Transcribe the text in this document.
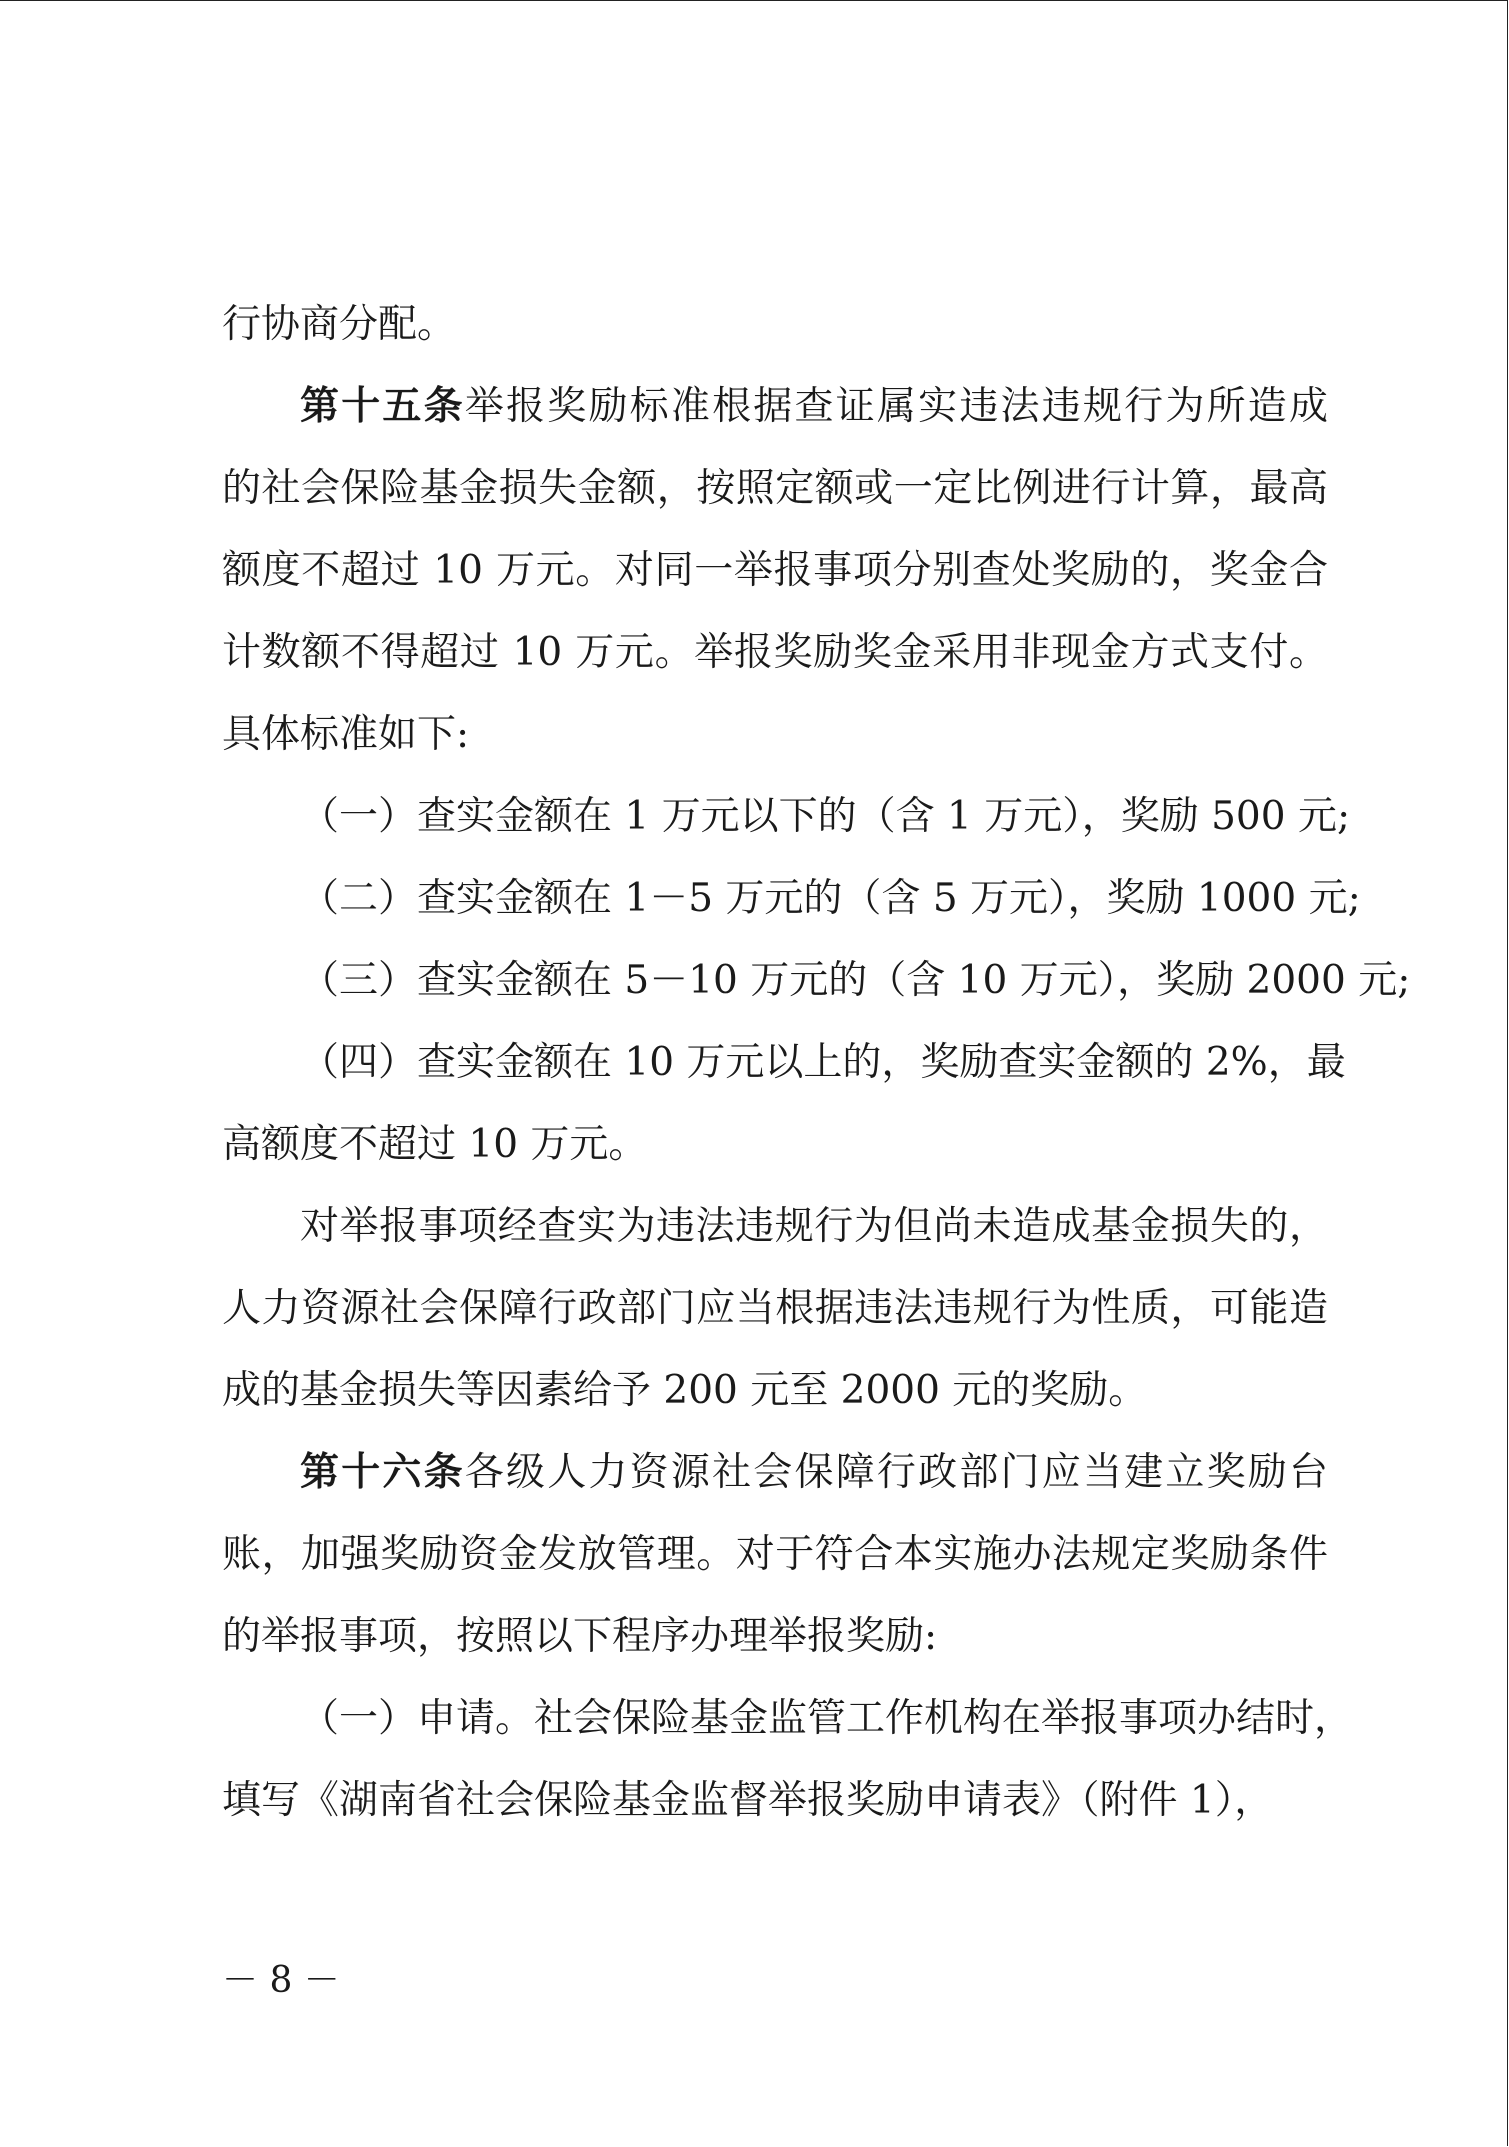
行协商分配。
第十五条举报奖励标准根据查证属实违法违规行为所造成
的社会保险基金损失金额，按照定额或一定比例进行计算，最高
额度不超过 10 万元。对同一举报事项分别查处奖励的，奖金合
计数额不得超过 10 万元。举报奖励奖金采用非现金方式支付。
具体标准如下:
（一）查实金额在 1 万元以下的（含 1 万元），奖励 500 元;
（二）查实金额在 1－5 万元的（含 5 万元），奖励 1000 元;
（三）查实金额在 5－10 万元的（含 10 万元），奖励 2000 元;
（四）查实金额在 10 万元以上的，奖励查实金额的 2%，最
高额度不超过 10 万元。
对举报事项经查实为违法违规行为但尚未造成基金损失的，
人力资源社会保障行政部门应当根据违法违规行为性质，可能造
成的基金损失等因素给予 200 元至 2000 元的奖励。
第十六条各级人力资源社会保障行政部门应当建立奖励台
账，加强奖励资金发放管理。对于符合本实施办法规定奖励条件
的举报事项，按照以下程序办理举报奖励:
（一）申请。社会保险基金监管工作机构在举报事项办结时，
填写《湖南省社会保险基金监督举报奖励申请表》（附件 1），
－ 8 －
